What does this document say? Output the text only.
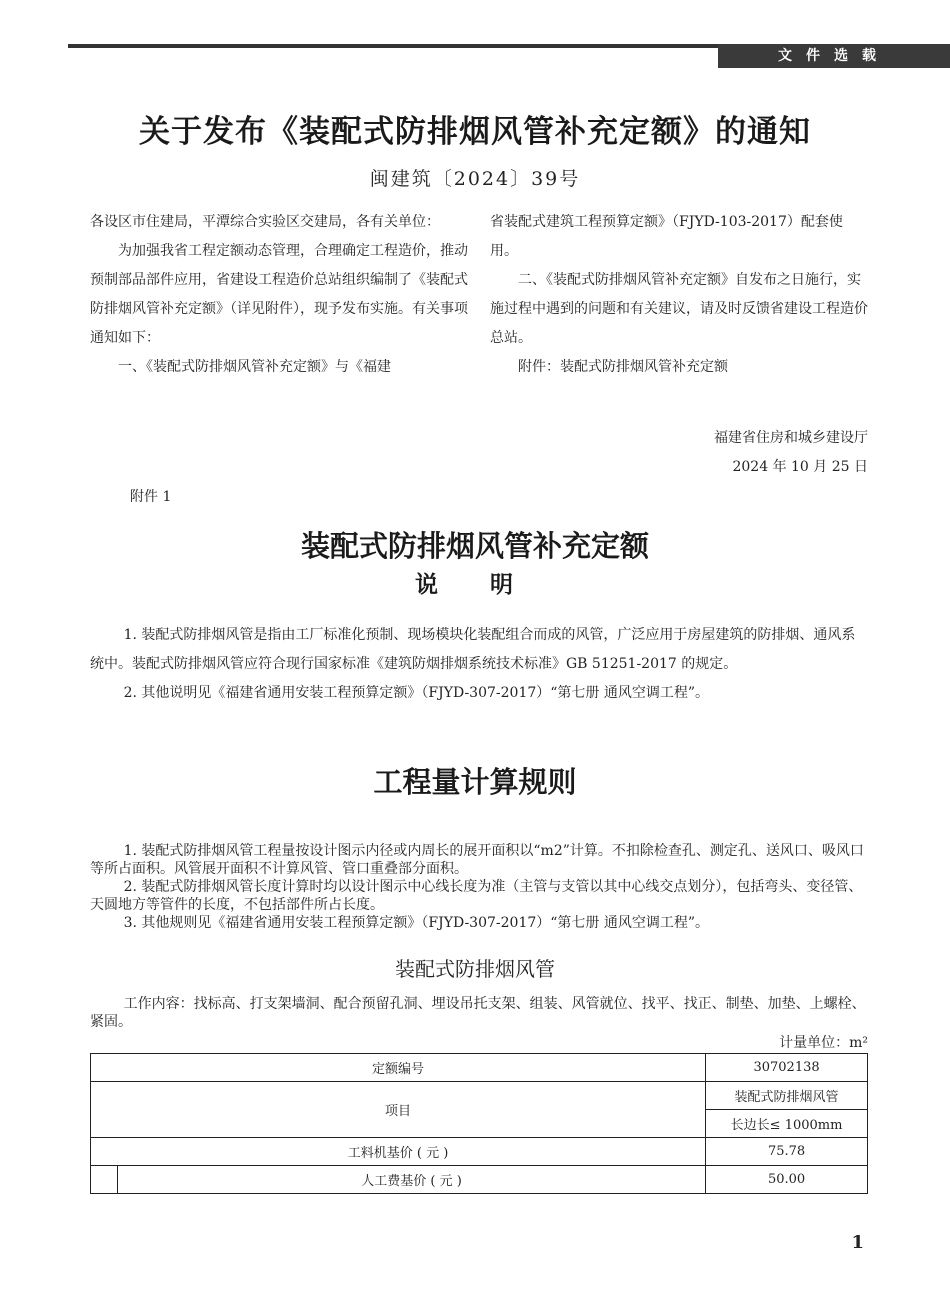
文件选载
关于发布《装配式防排烟风管补充定额》的通知
闽建筑〔2024〕39号

各设区市住建局，平潭综合实验区交建局，各有关单位：

为加强我省工程定额动态管理，合理确定工程造价，推动预制部品部件应用，省建设工程造价总站组织编制了《装配式防排烟风管补充定额》（详见附件），现予发布实施。有关事项通知如下：

一、《装配式防排烟风管补充定额》与《福建

省装配式建筑工程预算定额》（FJYD-103-2017）配套使用。

二、《装配式防排烟风管补充定额》自发布之日施行，实施过程中遇到的问题和有关建议，请及时反馈省建设工程造价总站。

附件：装配式防排烟风管补充定额

福建省住房和城乡建设厅
2024 年 10 月 25 日
附件 1
装配式防排烟风管补充定额
说 明

1. 装配式防排烟风管是指由工厂标准化预制、现场模块化装配组合而成的风管，广泛应用于房屋建筑的防排烟、通风系统中。装配式防排烟风管应符合现行国家标准《建筑防烟排烟系统技术标准》GB 51251-2017 的规定。

2. 其他说明见《福建省通用安装工程预算定额》（FJYD-307-2017）“第七册 通风空调工程”。

工程量计算规则

1. 装配式防排烟风管工程量按设计图示内径或内周长的展开面积以“m2”计算。不扣除检查孔、测定孔、送风口、吸风口等所占面积。风管展开面积不计算风管、管口重叠部分面积。

2. 装配式防排烟风管长度计算时均以设计图示中心线长度为准（主管与支管以其中心线交点划分），包括弯头、变径管、天圆地方等管件的长度，不包括部件所占长度。

3. 其他规则见《福建省通用安装工程预算定额》（FJYD-307-2017）“第七册 通风空调工程”。

装配式防排烟风管

工作内容：找标高、打支架墙洞、配合预留孔洞、埋设吊托支架、组装、风管就位、找平、找正、制垫、加垫、上螺栓、紧固。

计量单位：m²
定额编号		30702138
项目		装配式防排烟风管
		长边长≤ 1000mm
工料机基价 ( 元 )		75.78
	人工费基价 ( 元 )	50.00
1
